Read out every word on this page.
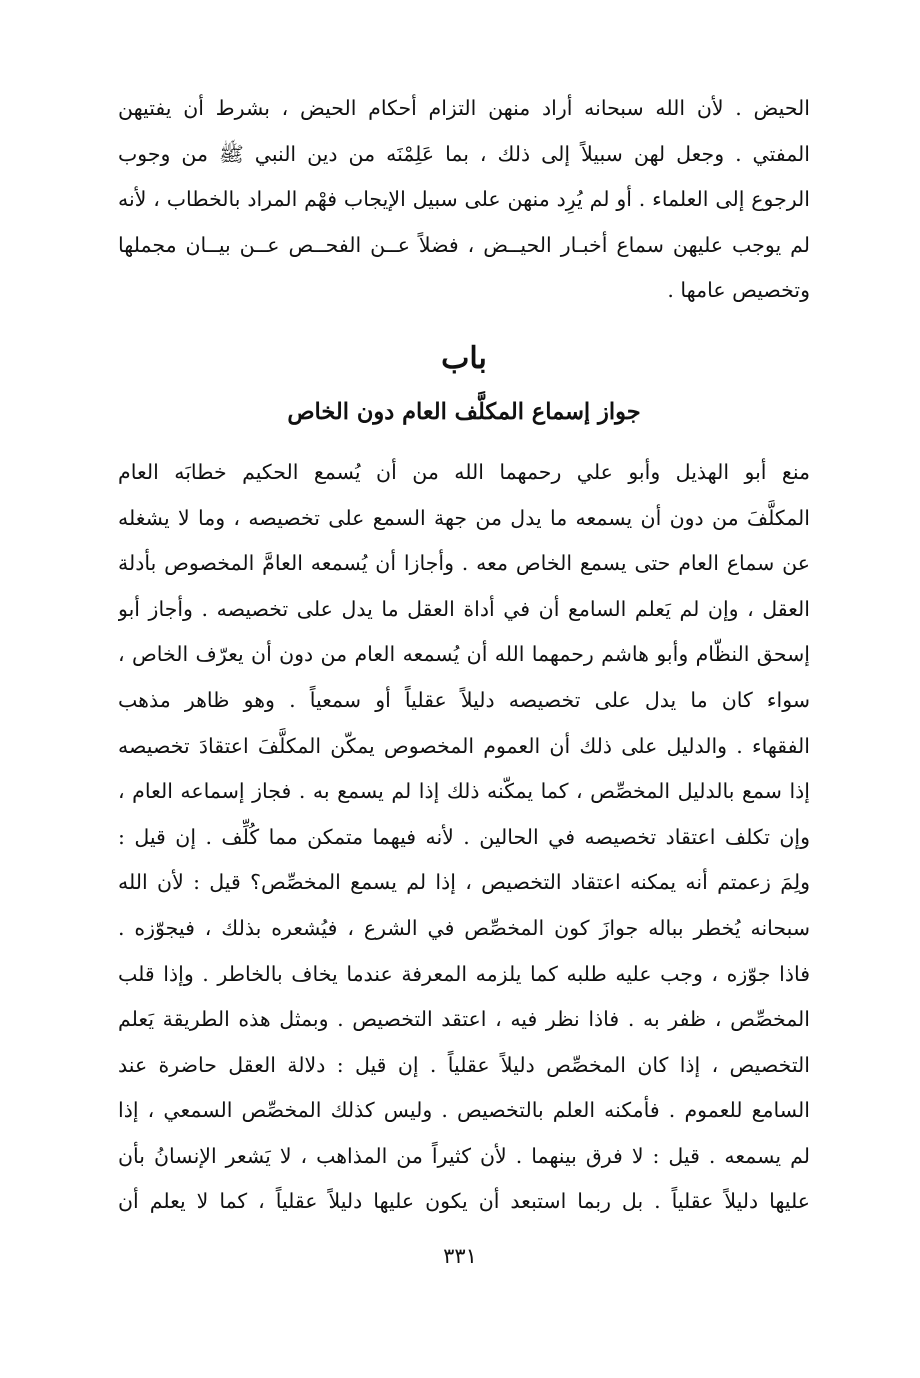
الحيض . لأن الله سبحانه أراد منهن التزام أحكام الحيض ، بشرط أن يفتيهن
المفتي . وجعل لهن سبيلاً إلى ذلك ، بما عَلِمْنَه من دين النبي ﷺ من وجوب
الرجوع إلى العلماء . أو لم يُرِد منهن على سبيل الإيجاب فهْم المراد بالخطاب ، لأنه
لم يوجب عليهن سماع أخبـار الحيــض ، فضلاً عــن الفحــص عــن بيــان مجملها
وتخصيص عامها .
باب
جواز إسماع المكلَّف العام دون الخاص
منع أبو الهذيل وأبو علي رحمهما الله من أن يُسمع الحكيم خطابَه العام
المكلَّفَ من دون أن يسمعه ما يدل من جهة السمع على تخصيصه ، وما لا يشغله
عن سماع العام حتى يسمع الخاص معه . وأجازا أن يُسمعه العامَّ المخصوص بأدلة
العقل ، وإن لم يَعلم السامع أن في أداة العقل ما يدل على تخصيصه . وأجاز أبو
إسحق النظّام وأبو هاشم رحمهما الله أن يُسمعه العام من دون أن يعرّف الخاص ،
سواء كان ما يدل على تخصيصه دليلاً عقلياً أو سمعياً . وهو ظاهر مذهب
الفقهاء . والدليل على ذلك أن العموم المخصوص يمكّن المكلَّفَ اعتقادَ تخصيصه
إذا سمع بالدليل المخصِّص ، كما يمكّنه ذلك إذا لم يسمع به . فجاز إسماعه العام ،
وإن تكلف اعتقاد تخصيصه في الحالين . لأنه فيهما متمكن مما كُلِّف . إن قيل :
ولِمَ زعمتم أنه يمكنه اعتقاد التخصيص ، إذا لم يسمع المخصِّص؟ قيل : لأن الله
سبحانه يُخطر بباله جوازَ كون المخصِّص في الشرع ، فيُشعره بذلك ، فيجوّزه .
فاذا جوّزه ، وجب عليه طلبه كما يلزمه المعرفة عندما يخاف بالخاطر . وإذا قلب
المخصِّص ، ظفر به . فاذا نظر فيه ، اعتقد التخصيص . وبمثل هذه الطريقة يَعلم
التخصيص ، إذا كان المخصِّص دليلاً عقلياً . إن قيل : دلالة العقل حاضرة عند
السامع للعموم . فأمكنه العلم بالتخصيص . وليس كذلك المخصِّص السمعي ، إذا
لم يسمعه . قيل : لا فرق بينهما . لأن كثيراً من المذاهب ، لا يَشعر الإنسانُ بأن
عليها دليلاً عقلياً . بل ربما استبعد أن يكون عليها دليلاً عقلياً ، كما لا يعلم أن
٣٣١
